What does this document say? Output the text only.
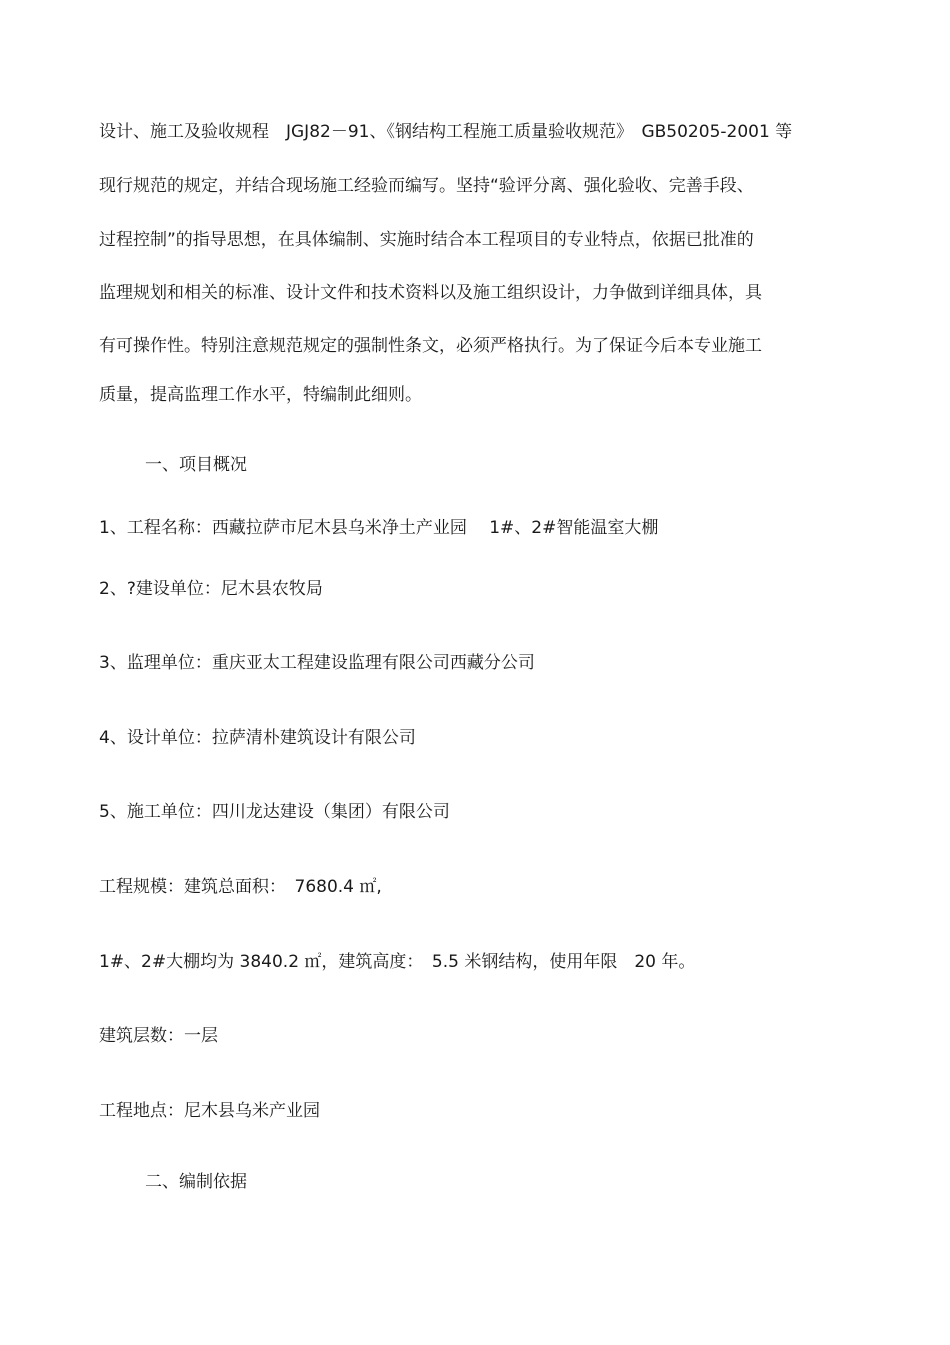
设计、施工及验收规程　JGJ82－91、《钢结构工程施工质量验收规范》　GB50205-2001 等

现行规范的规定，并结合现场施工经验而编写。坚持“验评分离、强化验收、完善手段、

过程控制”的指导思想，在具体编制、实施时结合本工程项目的专业特点，依据已批准的

监理规划和相关的标准、设计文件和技术资料以及施工组织设计，力争做到详细具体，具

有可操作性。特别注意规范规定的强制性条文，必须严格执行。为了保证今后本专业施工

质量，提高监理工作水平，特编制此细则。

一、项目概况

1、工程名称：西藏拉萨市尼木县乌米净土产业园　 1#、2#智能温室大棚

2、?建设单位：尼木县农牧局

3、监理单位：重庆亚太工程建设监理有限公司西藏分公司

4、设计单位：拉萨清朴建筑设计有限公司

5、施工单位：四川龙达建设（集团）有限公司

工程规模：建筑总面积：　7680.4 ㎡,

1#、2#大棚均为 3840.2 ㎡，建筑高度：　5.5 米钢结构，使用年限　20 年。

建筑层数：一层

工程地点：尼木县乌米产业园

二、编制依据
